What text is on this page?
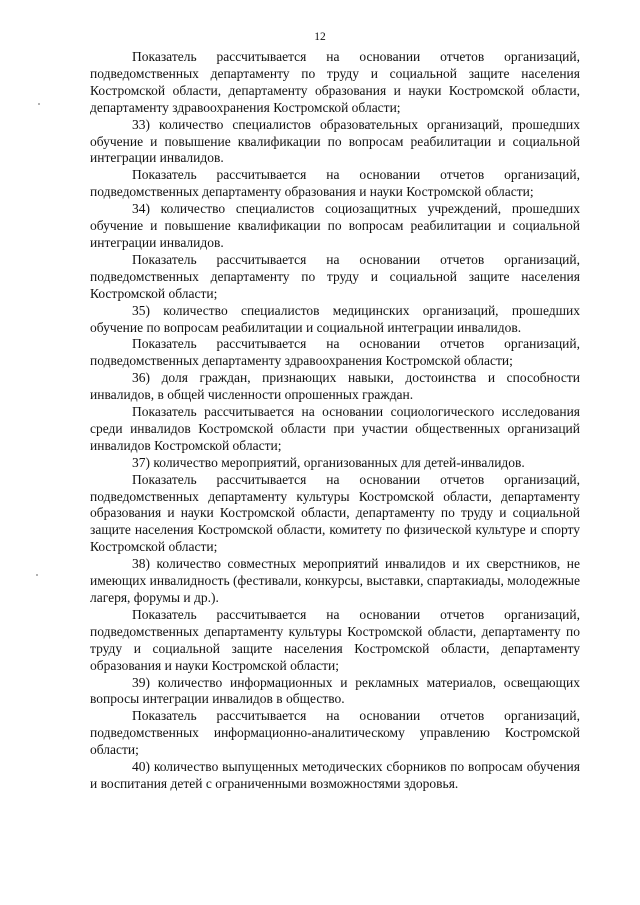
12

Показатель рассчитывается на основании отчетов организаций, подведомственных департаменту по труду и социальной защите населения Костромской области, департаменту образования и науки Костромской области, департаменту здравоохранения Костромской области;

33) количество специалистов образовательных организаций, прошедших обучение и повышение квалификации по вопросам реабилитации и социальной интеграции инвалидов.

Показатель рассчитывается на основании отчетов организаций, подведомственных департаменту образования и науки Костромской области;

34) количество специалистов социозащитных учреждений, прошедших обучение и повышение квалификации по вопросам реабилитации и социальной интеграции инвалидов.

Показатель рассчитывается на основании отчетов организаций, подведомственных департаменту по труду и социальной защите населения Костромской области;

35) количество специалистов медицинских организаций, прошедших обучение по вопросам реабилитации и социальной интеграции инвалидов.

Показатель рассчитывается на основании отчетов организаций, подведомственных департаменту здравоохранения Костромской области;

36) доля граждан, признающих навыки, достоинства и способности инвалидов, в общей численности опрошенных граждан.

Показатель рассчитывается на основании социологического исследования среди инвалидов Костромской области при участии общественных организаций инвалидов Костромской области;

37) количество мероприятий, организованных для детей-инвалидов.

Показатель рассчитывается на основании отчетов организаций, подведомственных департаменту культуры Костромской области, департаменту образования и науки Костромской области, департаменту по труду и социальной защите населения Костромской области, комитету по физической культуре и спорту Костромской области;

38) количество совместных мероприятий инвалидов и их сверстников, не имеющих инвалидность (фестивали, конкурсы, выставки, спартакиады, молодежные лагеря, форумы и др.).

Показатель рассчитывается на основании отчетов организаций, подведомственных департаменту культуры Костромской области, департаменту по труду и социальной защите населения Костромской области, департаменту образования и науки Костромской области;

39) количество информационных и рекламных материалов, освещающих вопросы интеграции инвалидов в общество.

Показатель рассчитывается на основании отчетов организаций, подведомственных информационно-аналитическому управлению Костромской области;

40) количество выпущенных методических сборников по вопросам обучения и воспитания детей с ограниченными возможностями здоровья.
